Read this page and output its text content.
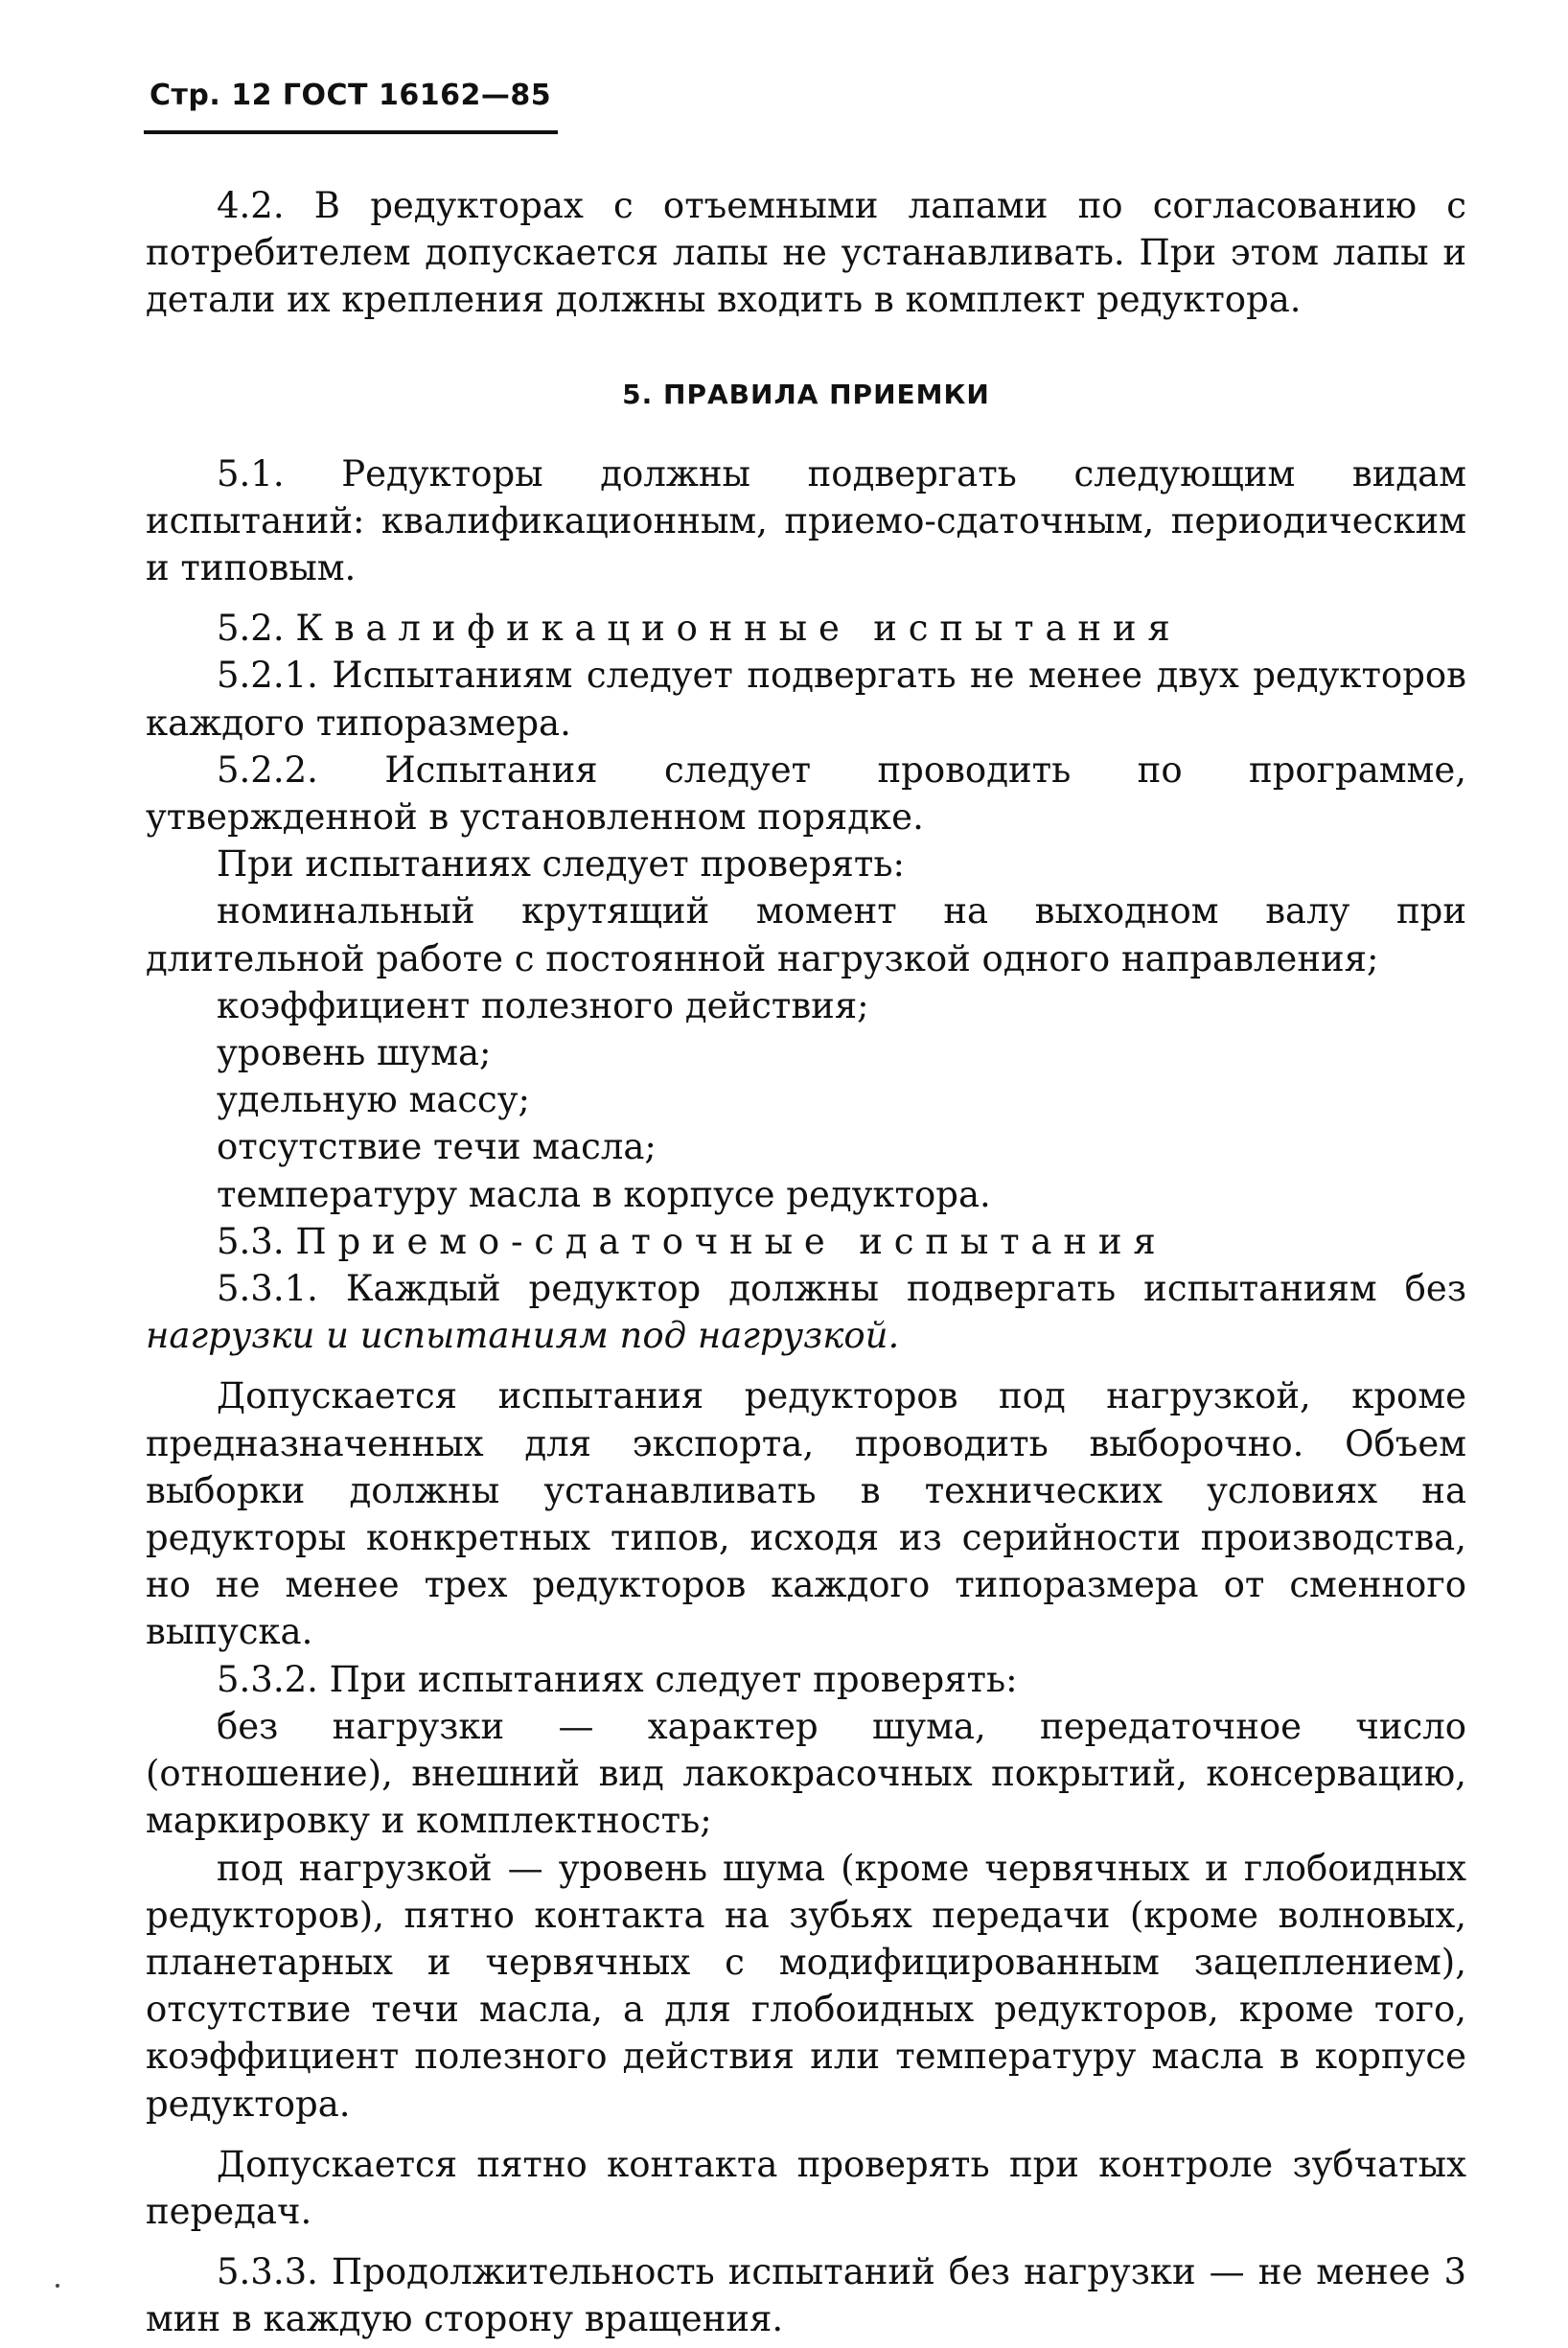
Стр. 12 ГОСТ 16162—85

4.2. В редукторах с отъемными лапами по согласованию с потребителем допускается лапы не устанавливать. При этом лапы и детали их крепления должны входить в комплект редуктора.

5. ПРАВИЛА ПРИЕМКИ

5.1. Редукторы должны подвергать следующим видам испытаний: квалификационным, приемо-сдаточным, периодическим и типовым.

5.2. Квалификационные испытания

5.2.1. Испытаниям следует подвергать не менее двух редукторов каждого типоразмера.

5.2.2. Испытания следует проводить по программе, утвержденной в установленном порядке.

При испытаниях следует проверять:

номинальный крутящий момент на выходном валу при длительной работе с постоянной нагрузкой одного направления;

коэффициент полезного действия;

уровень шума;

удельную массу;

отсутствие течи масла;

температуру масла в корпусе редуктора.

5.3. Приемо-сдаточные испытания

5.3.1. Каждый редуктор должны подвергать испытаниям без нагрузки и испытаниям под нагрузкой.

Допускается испытания редукторов под нагрузкой, кроме предназначенных для экспорта, проводить выборочно. Объем выборки должны устанавливать в технических условиях на редукторы конкретных типов, исходя из серийности производства, но не менее трех редукторов каждого типоразмера от сменного выпуска.

5.3.2. При испытаниях следует проверять:

без нагрузки — характер шума, передаточное число (отношение), внешний вид лакокрасочных покрытий, консервацию, маркировку и комплектность;

под нагрузкой — уровень шума (кроме червячных и глобоидных редукторов), пятно контакта на зубьях передачи (кроме волновых, планетарных и червячных с модифицированным зацеплением), отсутствие течи масла, а для глобоидных редукторов, кроме того, коэффициент полезного действия или температуру масла в корпусе редуктора.

Допускается пятно контакта проверять при контроле зубчатых передач.

5.3.3. Продолжительность испытаний без нагрузки — не менее 3 мин в каждую сторону вращения.
